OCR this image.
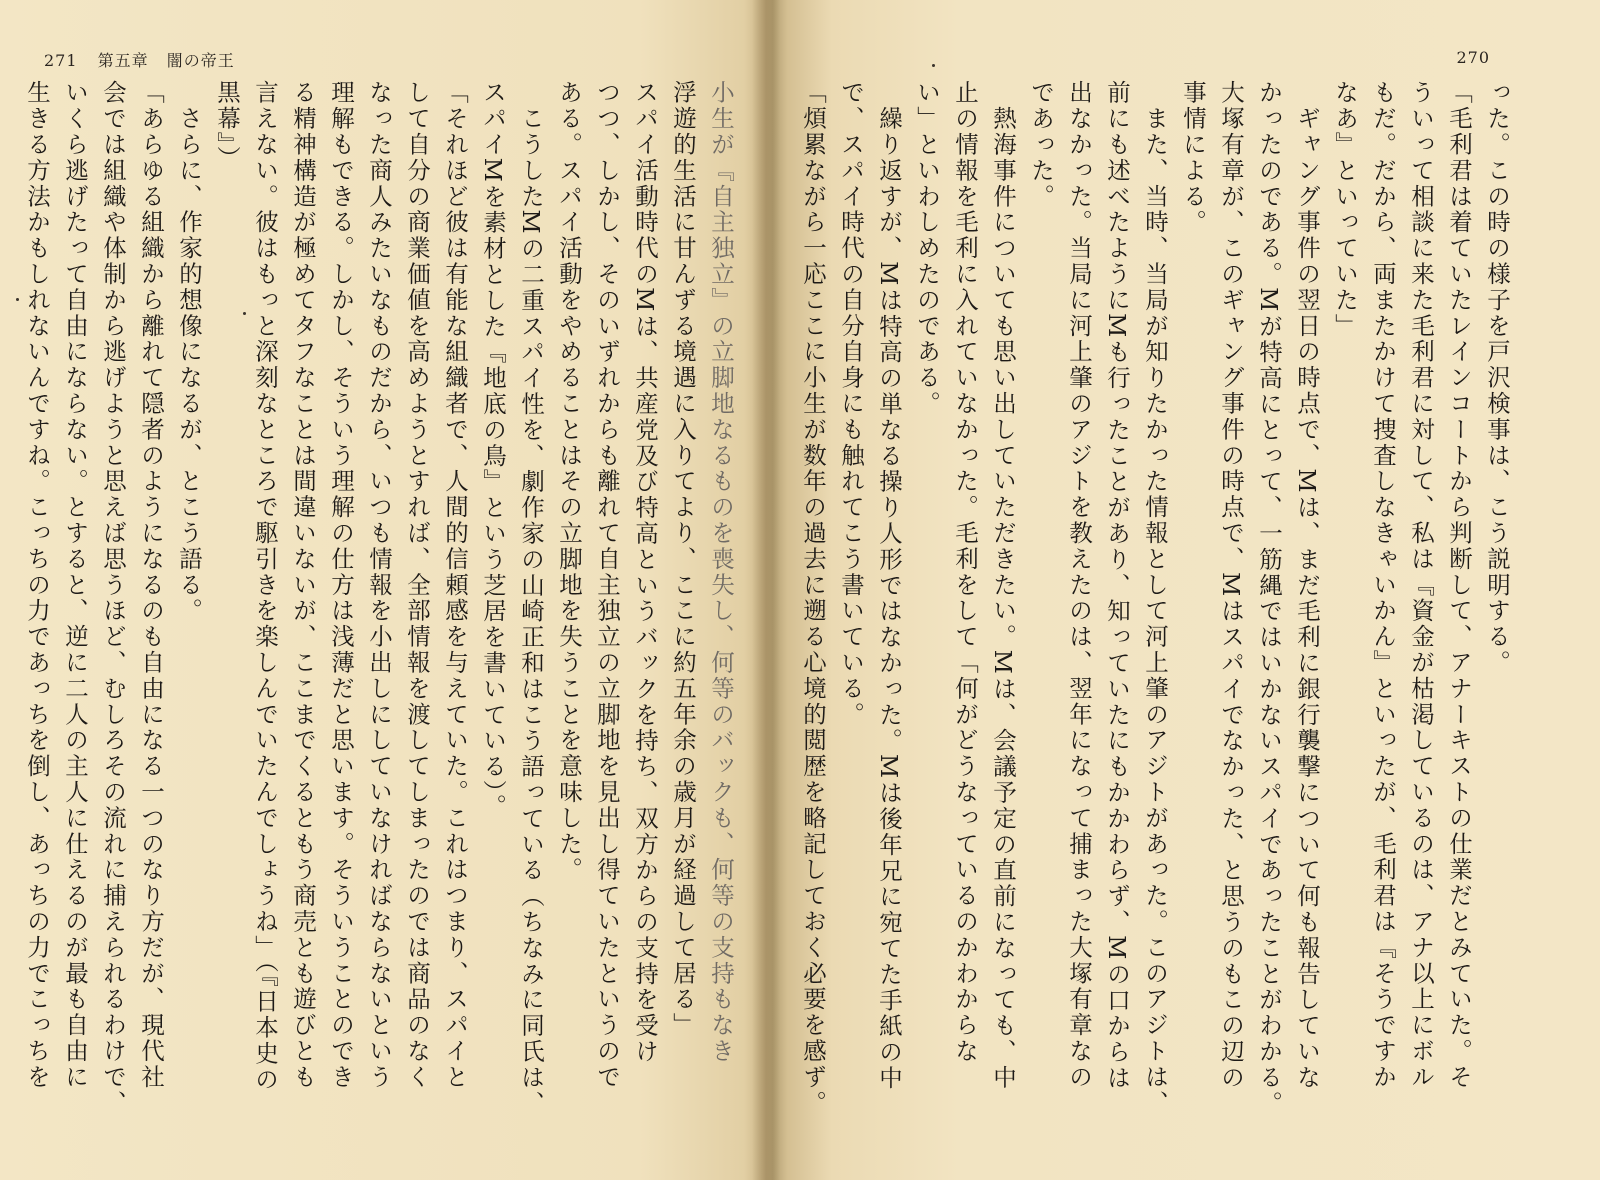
271 第五章 闇の帝王
小生が『自主独立』の立脚地なるものを喪失し、何等のバックも、何等の支持もなき
浮遊的生活に甘んずる境遇に入りてより、ここに約五年余の歳月が経過して居る」
スパイ活動時代のMは、共産党及び特高というバックを持ち、双方からの支持を受け
つつ、しかし、そのいずれからも離れて自主独立の立脚地を見出し得ていたというので
ある。スパイ活動をやめることはその立脚地を失うことを意味した。
　こうしたMの二重スパイ性を、劇作家の山崎正和はこう語っている（ちなみに同氏は、
スパイMを素材とした『地底の鳥』という芝居を書いている）。
「それほど彼は有能な組織者で、人間的信頼感を与えていた。これはつまり、スパイと
して自分の商業価値を高めようとすれば、全部情報を渡してしまったのでは商品のなく
なった商人みたいなものだから、いつも情報を小出しにしていなければならないという
理解もできる。しかし、そういう理解の仕方は浅薄だと思います。そういうことのでき
る精神構造が極めてタフなことは間違いないが、ここまでくるともう商売とも遊びとも
言えない。彼はもっと深刻なところで駆引きを楽しんでいたんでしょうね」（『日本史の
黒幕』）
　さらに、作家的想像になるが、とこう語る。
「あらゆる組織から離れて隠者のようになるのも自由になる一つのなり方だが、現代社
会では組織や体制から逃げようと思えば思うほど、むしろその流れに捕えられるわけで、
いくら逃げたって自由にならない。とすると、逆に二人の主人に仕えるのが最も自由に
生きる方法かもしれないんですね。こっちの力であっちを倒し、あっちの力でこっちを
270
った。この時の様子を戸沢検事は、こう説明する。
「毛利君は着ていたレインコートから判断して、アナーキストの仕業だとみていた。そ
ういって相談に来た毛利君に対して、私は『資金が枯渇しているのは、アナ以上にボル
もだ。だから、両またかけて捜査しなきゃいかん』といったが、毛利君は『そうですか
なあ』といっていた」
　ギャング事件の翌日の時点で、Mは、まだ毛利に銀行襲撃について何も報告していな
かったのである。Mが特高にとって、一筋縄ではいかないスパイであったことがわかる。
大塚有章が、このギャング事件の時点で、Mはスパイでなかった、と思うのもこの辺の
事情による。
　また、当時、当局が知りたかった情報として河上肇のアジトがあった。このアジトは、
前にも述べたようにMも行ったことがあり、知っていたにもかかわらず、Mの口からは
出なかった。当局に河上肇のアジトを教えたのは、翌年になって捕まった大塚有章なの
であった。
　熱海事件についても思い出していただきたい。Mは、会議予定の直前になっても、中
止の情報を毛利に入れていなかった。毛利をして「何がどうなっているのかわからな
い」といわしめたのである。
　繰り返すが、Mは特高の単なる操り人形ではなかった。Mは後年兄に宛てた手紙の中
で、スパイ時代の自分自身にも触れてこう書いている。
「煩累ながら一応ここに小生が数年の過去に遡る心境的閲歴を略記しておく必要を感ず。
